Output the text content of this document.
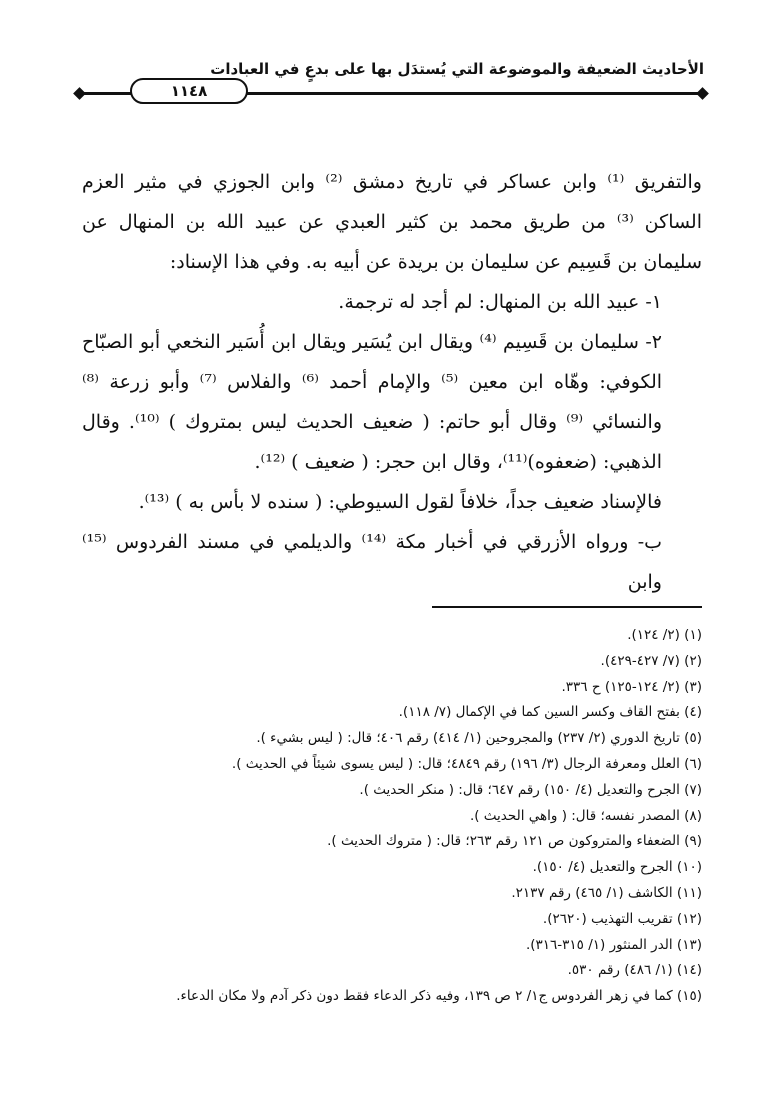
الأحاديث الضعيفة والموضوعة التي يُستدَل بها على بدعٍ في العبادات
١١٤٨

والتفريق ⁽¹⁾ وابن عساكر في تاريخ دمشق ⁽²⁾ وابن الجوزي في مثير العزم الساكن ⁽³⁾ من طريق محمد بن كثير العبدي عن عبيد الله بن المنهال عن سليمان بن قَسِيم عن سليمان بن بريدة عن أبيه به. وفي هذا الإسناد:

١- عبيد الله بن المنهال: لم أجد له ترجمة.

٢- سليمان بن قَسِيم ⁽⁴⁾ ويقال ابن يُسَير ويقال ابن أُسَير النخعي أبو الصبّاح الكوفي: وهّاه ابن معين ⁽⁵⁾ والإمام أحمد ⁽⁶⁾ والفلاس ⁽⁷⁾ وأبو زرعة ⁽⁸⁾ والنسائي ⁽⁹⁾ وقال أبو حاتم: ( ضعيف الحديث ليس بمتروك ) ⁽¹⁰⁾. وقال الذهبي: (ضعفوه)⁽¹¹⁾، وقال ابن حجر: ( ضعيف ) ⁽¹²⁾.

فالإسناد ضعيف جداً، خلافاً لقول السيوطي: ( سنده لا بأس به ) ⁽¹³⁾.

ب- ورواه الأزرقي في أخبار مكة ⁽¹⁴⁾ والديلمي في مسند الفردوس ⁽¹⁵⁾ وابن

(١) (٢/ ١٢٤).
(٢) (٧/ ٤٢٧-٤٢٩).
(٣) (٢/ ١٢٤-١٢٥) ح ٣٣٦.
(٤) بفتح القاف وكسر السين كما في الإكمال (٧/ ١١٨).
(٥) تاريخ الدوري (٢/ ٢٣٧) والمجروحين (١/ ٤١٤) رقم ٤٠٦؛ قال: ( ليس بشيء ).
(٦) العلل ومعرفة الرجال (٣/ ١٩٦) رقم ٤٨٤٩؛ قال: ( ليس يسوى شيئاً في الحديث ).
(٧) الجرح والتعديل (٤/ ١٥٠) رقم ٦٤٧؛ قال: ( منكر الحديث ).
(٨) المصدر نفسه؛ قال: ( واهي الحديث ).
(٩) الضعفاء والمتروكون ص ١٢١ رقم ٢٦٣؛ قال: ( متروك الحديث ).
(١٠) الجرح والتعديل (٤/ ١٥٠).
(١١) الكاشف (١/ ٤٦٥) رقم ٢١٣٧.
(١٢) تقريب التهذيب (٢٦٢٠).
(١٣) الدر المنثور (١/ ٣١٥-٣١٦).
(١٤) (١/ ٤٨٦) رقم ٥٣٠.
(١٥) كما في زهر الفردوس ج١/ ٢ ص ١٣٩، وفيه ذكر الدعاء فقط دون ذكر آدم ولا مكان الدعاء.
